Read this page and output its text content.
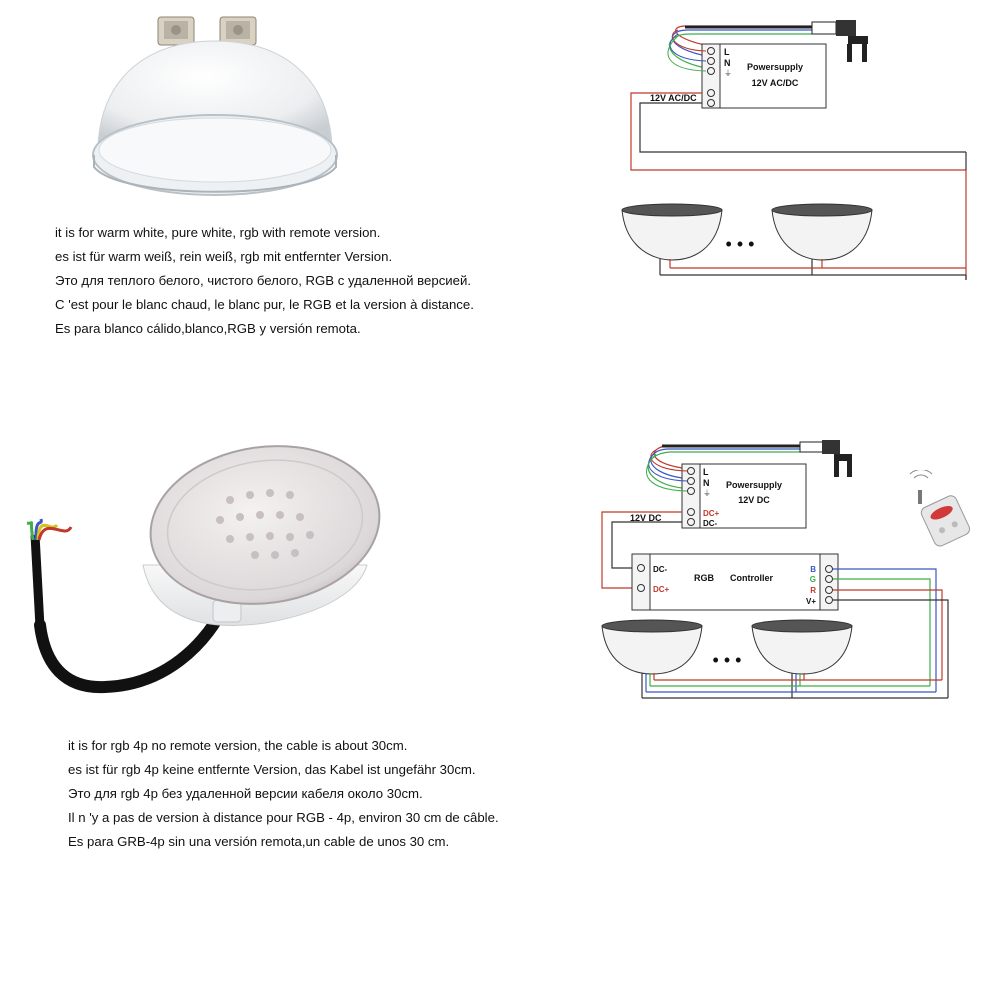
it is for warm white, pure white, rgb with remote version.
es ist für warm weiß, rein weiß, rgb mit entfernter Version.
Это для теплого белого, чистого белого, RGB с удаленной версией.
C 'est pour le blanc chaud, le blanc pur, le RGB et la version à distance.
Es para blanco cálido,blanco,RGB y versión remota.
L
N
⏚
Powersupply
12V AC/DC
12V AC/DC
• • •
it is for rgb 4p no remote version, the cable is about 30cm.
es ist für rgb 4p keine entfernte Version, das Kabel ist ungefähr 30cm.
Это для rgb 4p без удаленной версии кабеля около 30cm.
Il n 'y a pas de version à distance pour RGB - 4p, environ 30 cm de câble.
Es para GRB-4p sin una versión remota,un cable de unos 30 cm.
L
N
⏚
DC+
DC-
Powersupply
12V DC
12V DC
DC-
DC+
RGB Controller
B
G
R
V+
• • •
